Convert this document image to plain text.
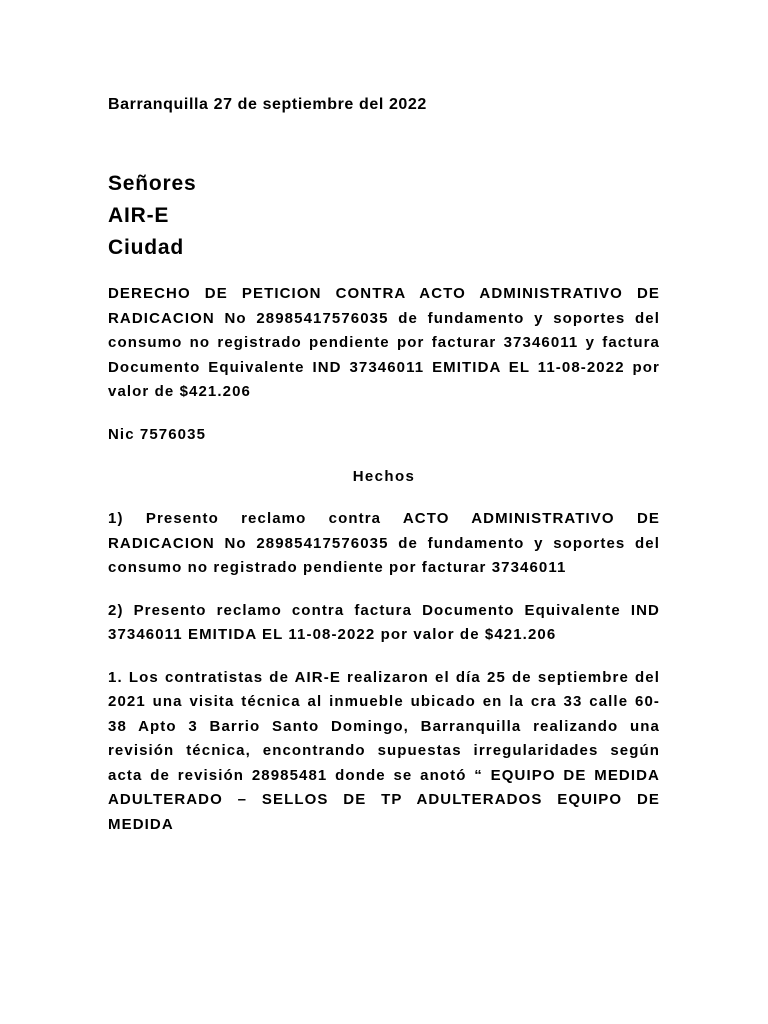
Barranquilla 27 de septiembre del 2022
Señores
AIR-E
Ciudad

DERECHO DE PETICION CONTRA ACTO ADMINISTRATIVO DE RADICACION No 28985417576035 de fundamento y soportes del consumo no registrado pendiente por facturar 37346011 y factura Documento Equivalente IND 37346011 EMITIDA EL 11-08-2022 por valor de $421.206

Nic 7576035

Hechos

1) Presento reclamo contra ACTO ADMINISTRATIVO DE RADICACION No 28985417576035 de fundamento y soportes del consumo no registrado pendiente por facturar 37346011

2) Presento reclamo contra factura Documento Equivalente IND 37346011 EMITIDA EL 11-08-2022 por valor de $421.206

1. Los contratistas de AIR-E realizaron el día 25 de septiembre del 2021 una visita técnica al inmueble ubicado en la cra 33 calle 60- 38 Apto 3 Barrio Santo Domingo, Barranquilla realizando una revisión técnica, encontrando supuestas irregularidades según acta de revisión 28985481 donde se anotó “ EQUIPO DE MEDIDA ADULTERADO – SELLOS DE TP ADULTERADOS EQUIPO DE MEDIDA
